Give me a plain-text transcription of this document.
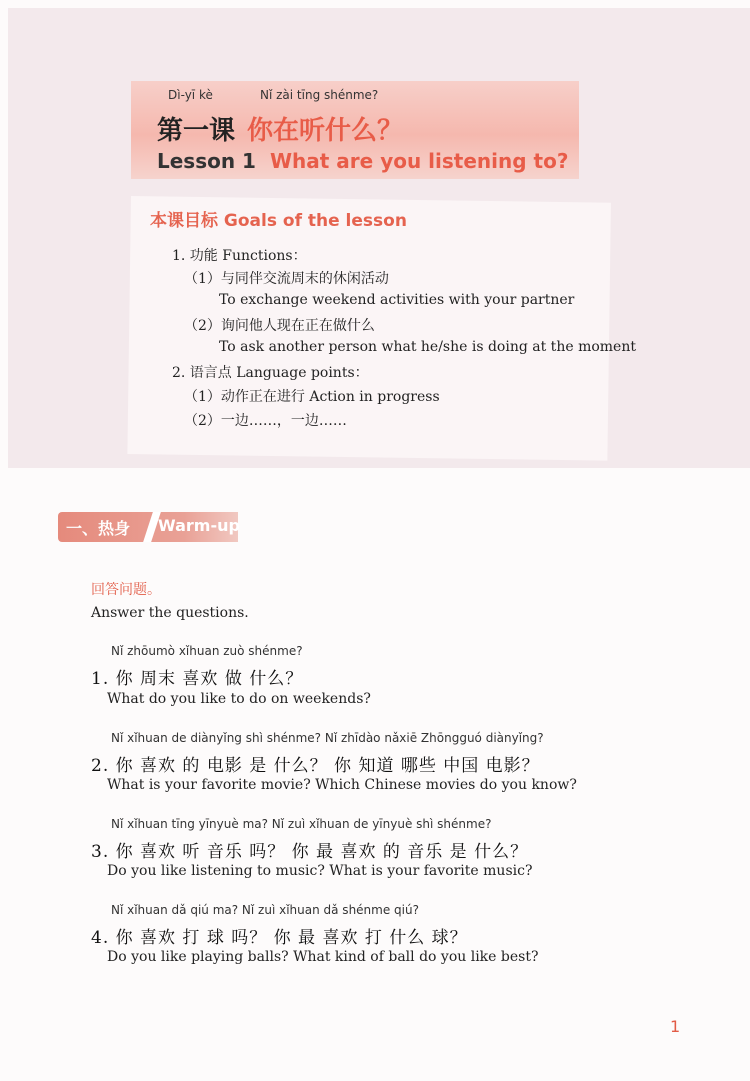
Dì-yī kè	Nǐ zài tīng shénme?
第一课 你在听什么？
Lesson 1 What are you listening to?
本课目标 Goals of the lesson
1. 功能 Functions：
（1）与同伴交流周末的休闲活动
To exchange weekend activities with your partner
（2）询问他人现在正在做什么
To ask another person what he/she is doing at the moment
2. 语言点 Language points：
（1）动作正在进行 Action in progress
（2）一边……，一边……
一、热身 Warm-up
回答问题。
Answer the questions.
Nǐ zhōumò xǐhuan zuò shénme?
1. 你 周末 喜欢 做 什么？
What do you like to do on weekends?
Nǐ xǐhuan de diànyǐng shì shénme? Nǐ zhīdào nǎxiē Zhōngguó diànyǐng?
2. 你 喜欢 的 电影 是 什么？ 你 知道 哪些 中国 电影？
What is your favorite movie? Which Chinese movies do you know?
Nǐ xǐhuan tīng yīnyuè ma? Nǐ zuì xǐhuan de yīnyuè shì shénme?
3. 你 喜欢 听 音乐 吗？ 你 最 喜欢 的 音乐 是 什么？
Do you like listening to music? What is your favorite music?
Nǐ xǐhuan dǎ qiú ma? Nǐ zuì xǐhuan dǎ shénme qiú?
4. 你 喜欢 打 球 吗？ 你 最 喜欢 打 什么 球？
Do you like playing balls? What kind of ball do you like best?
1
